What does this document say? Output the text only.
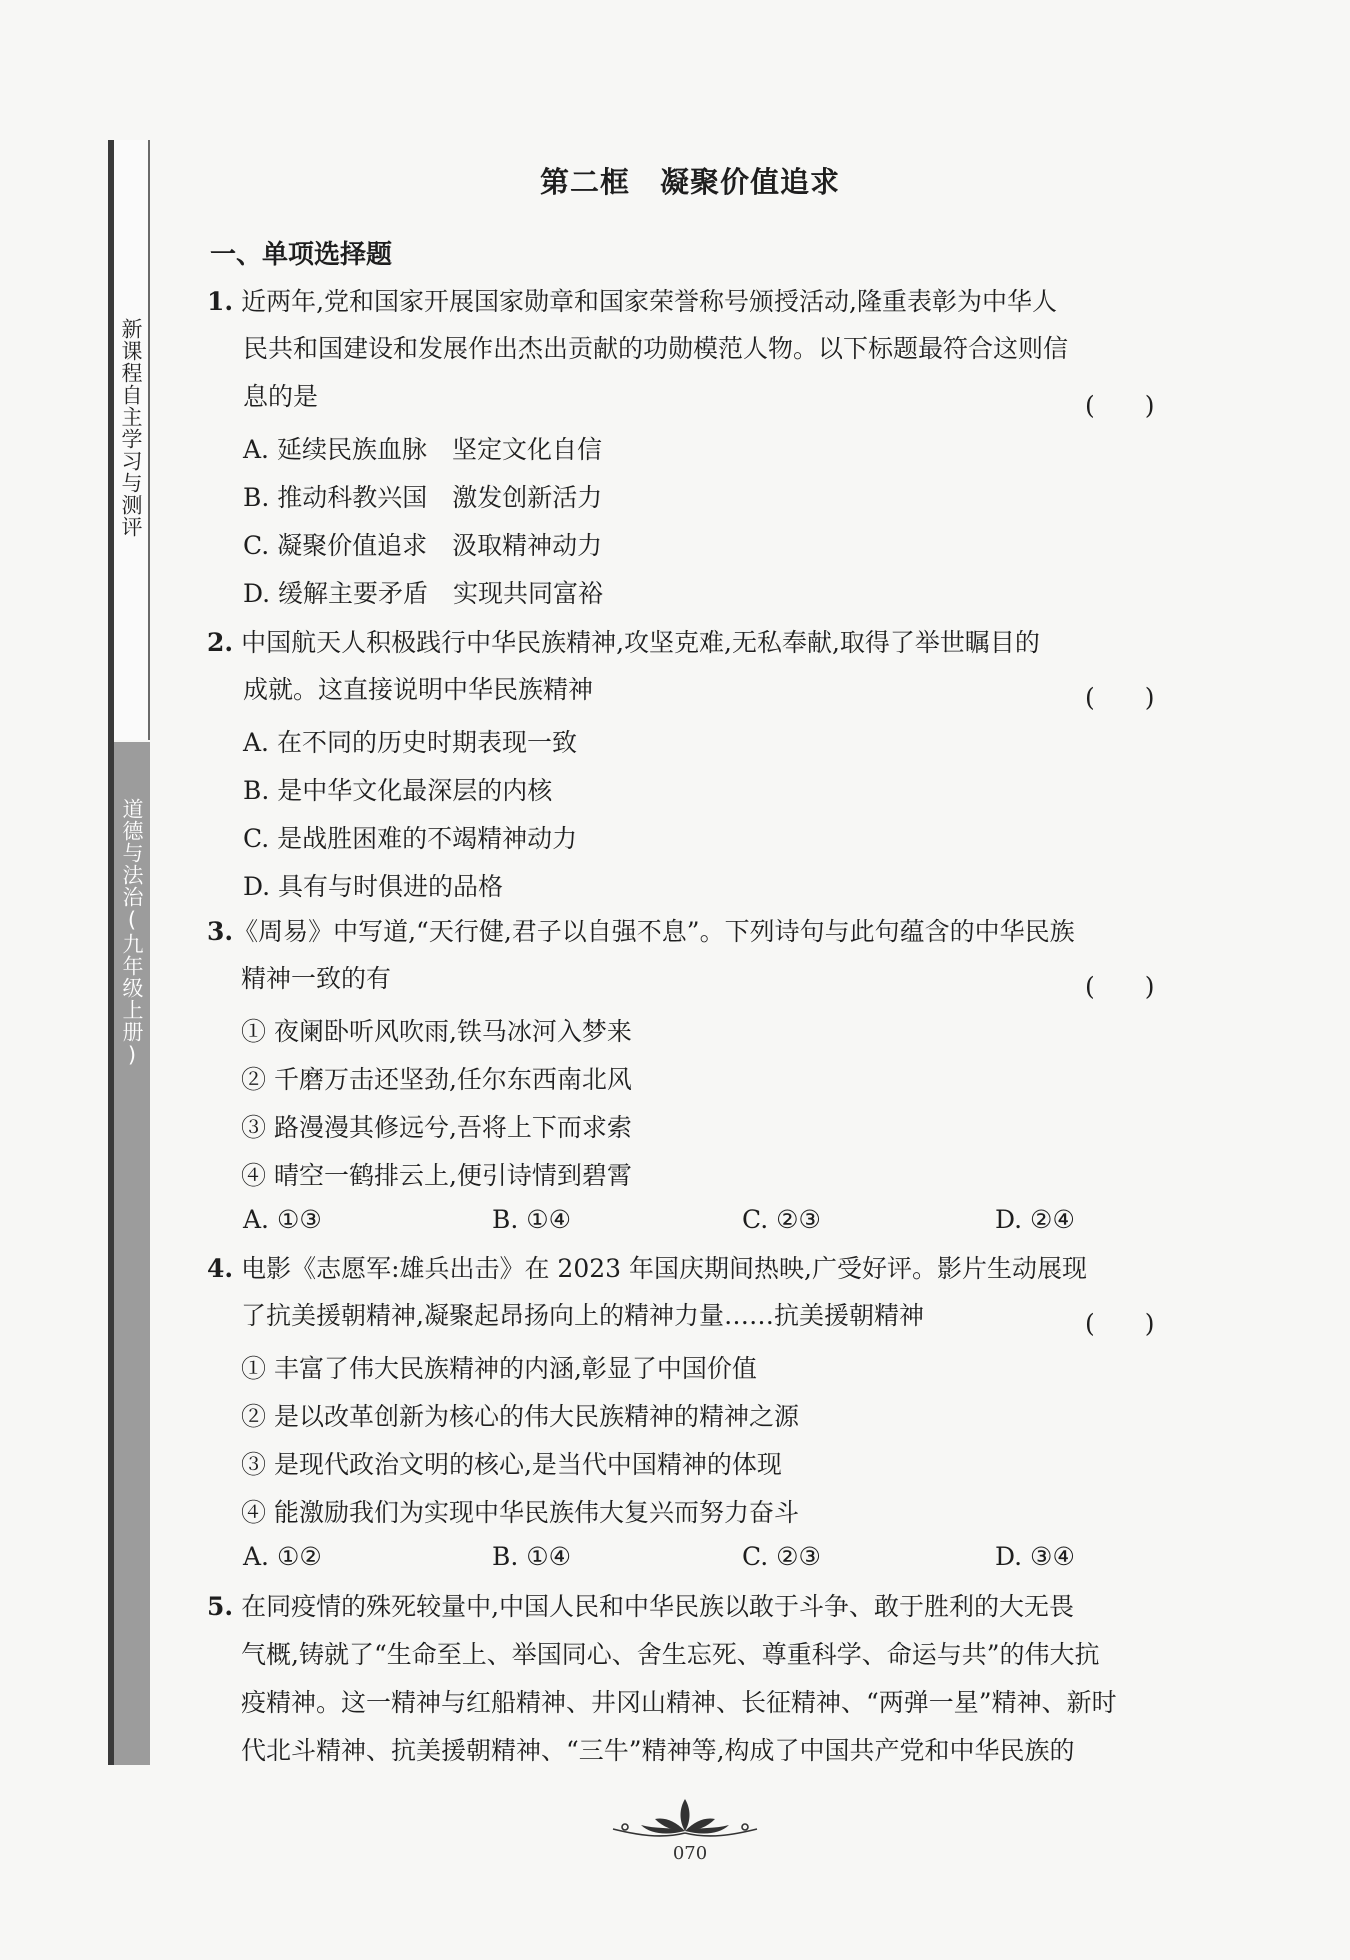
新课程自主学习与测评
道德与法治(九年级上册)
第二框　凝聚价值追求
一、单项选择题
1. 近两年,党和国家开展国家勋章和国家荣誉称号颁授活动,隆重表彰为中华人
民共和国建设和发展作出杰出贡献的功勋模范人物。以下标题最符合这则信
息的是	(　　)
A. 延续民族血脉　坚定文化自信
B. 推动科教兴国　激发创新活力
C. 凝聚价值追求　汲取精神动力
D. 缓解主要矛盾　实现共同富裕
2. 中国航天人积极践行中华民族精神,攻坚克难,无私奉献,取得了举世瞩目的
成就。这直接说明中华民族精神	(　　)
A. 在不同的历史时期表现一致
B. 是中华文化最深层的内核
C. 是战胜困难的不竭精神动力
D. 具有与时俱进的品格
3.《周易》中写道,“天行健,君子以自强不息”。下列诗句与此句蕴含的中华民族
精神一致的有	(　　)
① 夜阑卧听风吹雨,铁马冰河入梦来
② 千磨万击还坚劲,任尔东西南北风
③ 路漫漫其修远兮,吾将上下而求索
④ 晴空一鹤排云上,便引诗情到碧霄
A. ①③	B. ①④	C. ②③	D. ②④
4. 电影《志愿军:雄兵出击》在 2023 年国庆期间热映,广受好评。影片生动展现
了抗美援朝精神,凝聚起昂扬向上的精神力量……抗美援朝精神	(　　)
① 丰富了伟大民族精神的内涵,彰显了中国价值
② 是以改革创新为核心的伟大民族精神的精神之源
③ 是现代政治文明的核心,是当代中国精神的体现
④ 能激励我们为实现中华民族伟大复兴而努力奋斗
A. ①②	B. ①④	C. ②③	D. ③④
5. 在同疫情的殊死较量中,中国人民和中华民族以敢于斗争、敢于胜利的大无畏
气概,铸就了“生命至上、举国同心、舍生忘死、尊重科学、命运与共”的伟大抗
疫精神。这一精神与红船精神、井冈山精神、长征精神、“两弹一星”精神、新时
代北斗精神、抗美援朝精神、“三牛”精神等,构成了中国共产党和中华民族的
070
